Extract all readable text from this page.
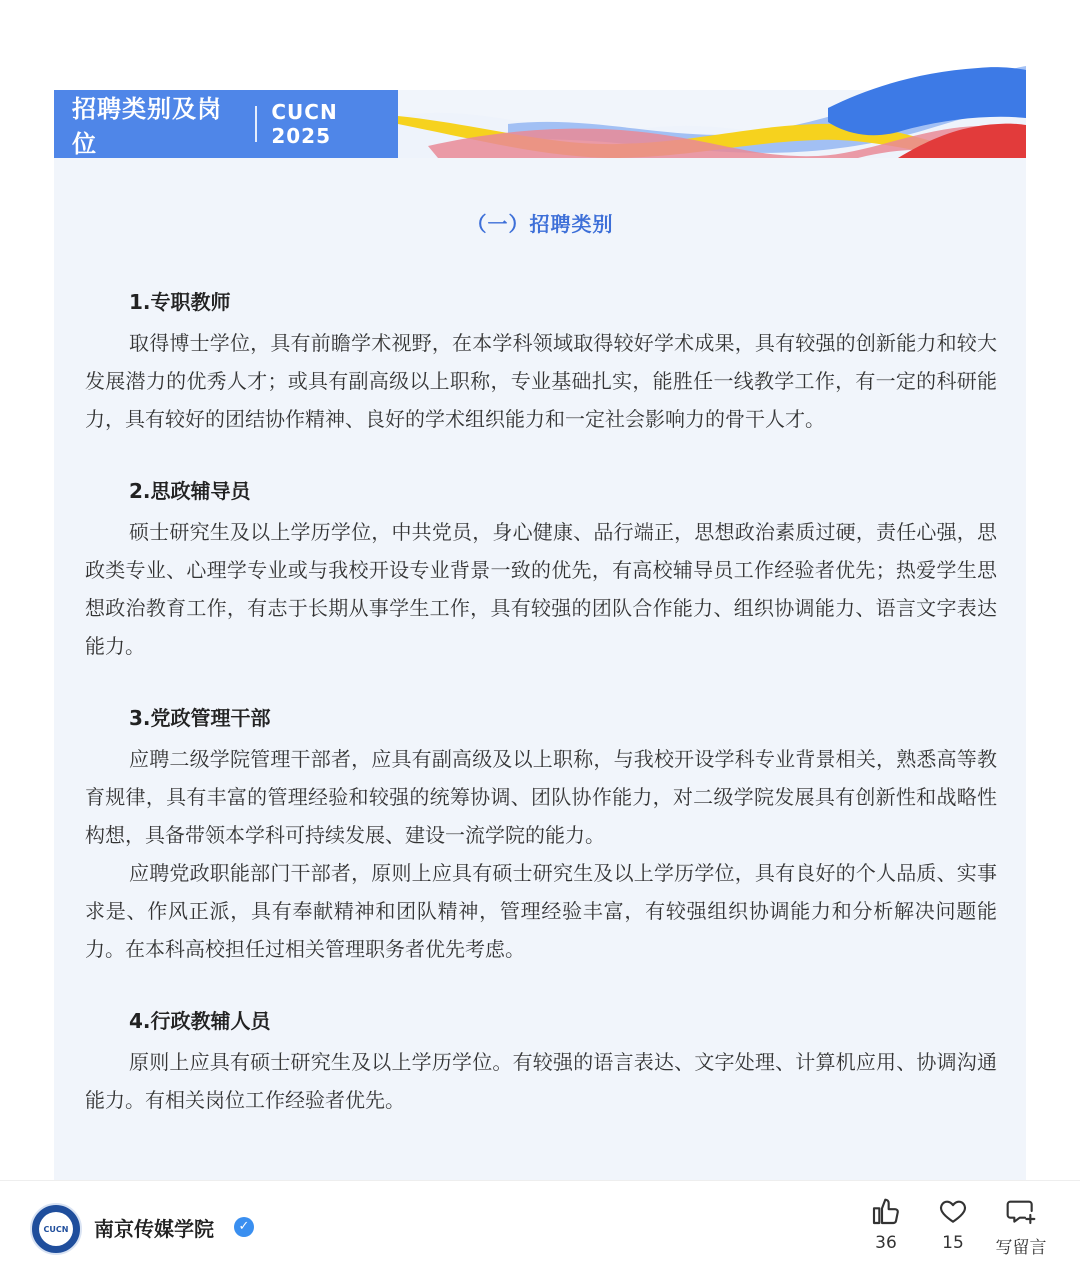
招聘类别及岗位
CUCN 2025
（一）招聘类别
1.专职教师

取得博士学位，具有前瞻学术视野，在本学科领域取得较好学术成果，具有较强的创新能力和较大发展潜力的优秀人才；或具有副高级以上职称，专业基础扎实，能胜任一线教学工作，有一定的科研能力，具有较好的团结协作精神、良好的学术组织能力和一定社会影响力的骨干人才。

2.思政辅导员

硕士研究生及以上学历学位，中共党员，身心健康、品行端正，思想政治素质过硬，责任心强，思政类专业、心理学专业或与我校开设专业背景一致的优先，有高校辅导员工作经验者优先；热爱学生思想政治教育工作，有志于长期从事学生工作，具有较强的团队合作能力、组织协调能力、语言文字表达能力。

3.党政管理干部

应聘二级学院管理干部者，应具有副高级及以上职称，与我校开设学科专业背景相关，熟悉高等教育规律，具有丰富的管理经验和较强的统筹协调、团队协作能力，对二级学院发展具有创新性和战略性构想，具备带领本学科可持续发展、建设一流学院的能力。

应聘党政职能部门干部者，原则上应具有硕士研究生及以上学历学位，具有良好的个人品质、实事求是、作风正派，具有奉献精神和团队精神，管理经验丰富，有较强组织协调能力和分析解决问题能力。在本科高校担任过相关管理职务者优先考虑。

4.行政教辅人员

原则上应具有硕士研究生及以上学历学位。有较强的语言表达、文字处理、计算机应用、协调沟通能力。有相关岗位工作经验者优先。

CUCN 南京传媒学院	✓
36	15	写留言
